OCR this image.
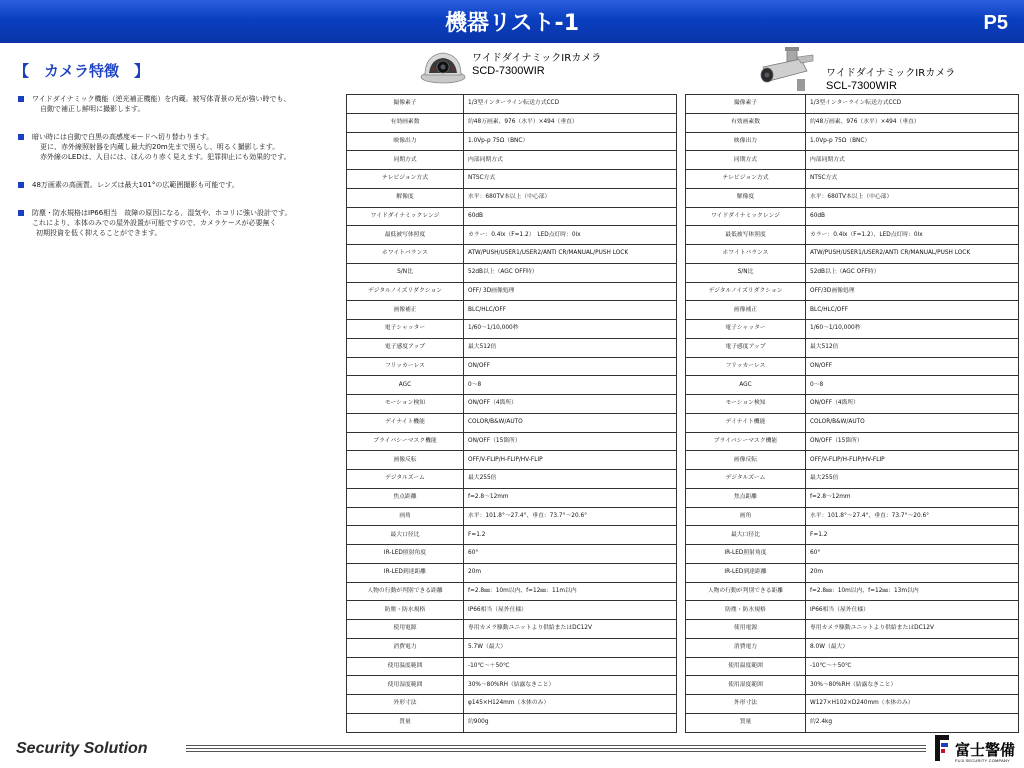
機器リスト-1	P5
【　カメラ特徴　】
ワイドダイナミック機能（逆光補正機能）を内蔵。被写体背景の光が強い時でも、
自動で補正し鮮明に撮影します。
暗い時には自動で白黒の高感度モードへ切り替わります。
更に、赤外線照射器を内蔵し最大約20m先まで照らし、明るく撮影します。
赤外線のLEDは、人目には、ほんのり赤く見えます。犯罪抑止にも効果的です。
48万画素の高画質。レンズは最大101°の広範囲撮影も可能です。
防塵・防水規格はIP66相当　故障の原因になる、湿気や、ホコリに強い設計です。
これにより、本体のみでの屋外設置が可能ですので、カメラケースが必要無く
初期投資を低く抑えることができます。
ワイドダイナミックIRカメラ
SCD-7300WIR	ワイドダイナミックIRカメラ
SCL-7300WIR
撮像素子	1/3型インターライン転送方式CCD
有効画素数	約48万画素、976（水平）×494（垂直）
映像出力	1.0Vp-p 75Ω（BNC）
同期方式	内部同期方式
テレビジョン方式	NTSC方式
解像度	水平：680TV本以上（中心部）
ワイドダイナミックレンジ	60dB
最低被写体照度	カラー：0.4lx（F=1.2）　LED点灯時：0lx
ホワイトバランス	ATW/PUSH/USER1/USER2/ANTI CR/MANUAL/PUSH LOCK
S/N比	52dB以上（AGC OFF時）
デジタルノイズリダクション	OFF/ 3D画像処理
画像補正	BLC/HLC/OFF
電子シャッター	1/60～1/10,000秒
電子感度アップ	最大512倍
フリッカーレス	ON/OFF
AGC	0～8
モーション検知	ON/OFF（4箇所）
デイナイト機能	COLOR/B&W/AUTO
プライバシーマスク機能	ON/OFF（15箇所）
画像反転	OFF/V-FLIP/H-FLIP/HV-FLIP
デジタルズーム	最大255倍
焦点距離	f=2.8～12mm
画角	水平：101.8°～27.4°、垂直：73.7°～20.6°
最大口径比	F=1.2
IR-LED照射角度	60°
IR-LED到達距離	20m
人物の行動が判別できる距離	f=2.8㎜：10m以内、f=12㎜：11m以内
防塵・防水規格	IP66相当（屋外仕様）
使用電源	専用カメラ駆動ユニットより供給またはDC12V
消費電力	5.7W（最大）
使用温度範囲	-10℃～＋50℃
使用湿度範囲	30%～80%RH（結露なきこと）
外形寸法	φ145×H124mm（本体のみ）
質量	約900g
撮像素子	1/3型インターライン転送方式CCD
有効画素数	約48万画素、976（水平）×494（垂直）
映像出力	1.0Vp-p 75Ω（BNC）
同期方式	内部同期方式
テレビジョン方式	NTSC方式
解像度	水平：680TV本以上（中心部）
ワイドダイナミックレンジ	60dB
最低被写体照度	カラー：0.4lx（F=1.2）、LED点灯時：0lx
ホワイトバランス	ATW/PUSH/USER1/USER2/ANTI CR/MANUAL/PUSH LOCK
S/N比	52dB以上（AGC OFF時）
デジタルノイズリダクション	OFF/3D画像処理
画像補正	BLC/HLC/OFF
電子シャッター	1/60～1/10,000秒
電子感度アップ	最大512倍
フリッカーレス	ON/OFF
AGC	0～8
モーション検知	ON/OFF（4箇所）
デイナイト機能	COLOR/B&W/AUTO
プライバシーマスク機能	ON/OFF（15箇所）
画像反転	OFF/V-FLIP/H-FLIP/HV-FLIP
デジタルズーム	最大255倍
焦点距離	f=2.8～12mm
画角	水平：101.8°～27.4°、垂直：73.7°～20.6°
最大口径比	F=1.2
IR-LED照射角度	60°
IR-LED到達距離	20m
人物の行動が判別できる距離	f=2.8㎜：10m以内、f=12㎜：13m以内
防塵・防水規格	IP66相当（屋外仕様）
使用電源	専用カメラ駆動ユニットより供給またはDC12V
消費電力	8.0W（最大）
使用温度範囲	-10℃～＋50℃
使用湿度範囲	30%～80%RH（結露なきこと）
外形寸法	W127×H102×D240mm（本体のみ）
質量	約2.4kg
Security Solution	富士警備
FUJI SECURITY COMPANY
